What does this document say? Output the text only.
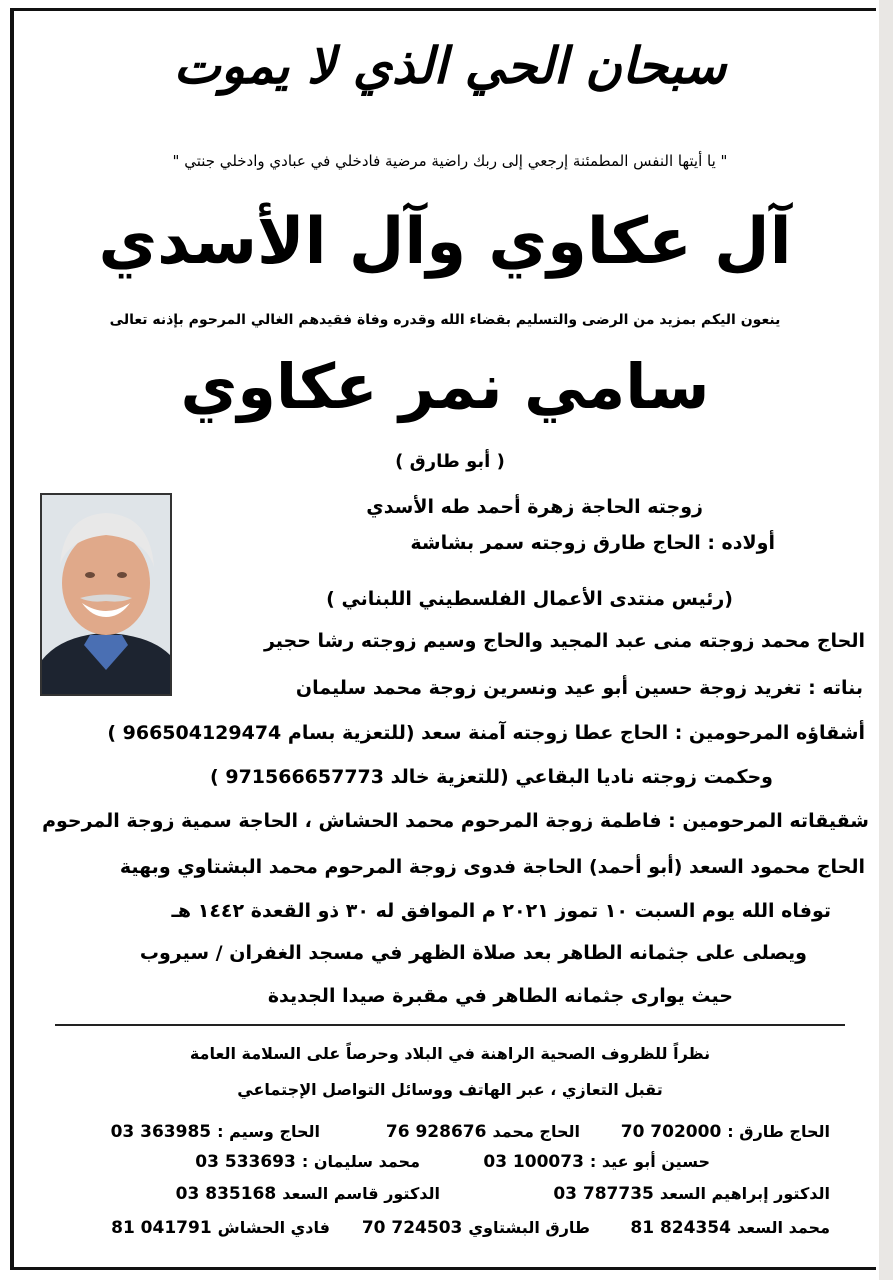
سبحان الحي الذي لا يموت
" يا أيتها النفس المطمئنة إرجعي إلى ربك راضية مرضية فادخلي في عبادي وادخلي جنتي "
آل عكاوي وآل الأسدي
ينعون اليكم بمزيد من الرضى والتسليم بقضاء الله وقدره وفاة فقيدهم الغالي المرحوم بإذنه تعالى
سامي نمر عكاوي
( أبو طارق )
زوجته الحاجة زهرة أحمد طه الأسدي
أولاده : الحاج طارق زوجته سمر بشاشة
(رئيس منتدى الأعمال الفلسطيني اللبناني )
الحاج محمد زوجته منى عبد المجيد والحاج وسيم زوجته رشا حجير
بناته : تغريد زوجة حسين أبو عيد ونسرين زوجة محمد سليمان
أشقاؤه المرحومين : الحاج عطا زوجته آمنة سعد (للتعزية بسام 966504129474 )
وحكمت زوجته ناديا البقاعي (للتعزية خالد 971566657773 )
شقيقاته المرحومين : فاطمة زوجة المرحوم محمد الحشاش ، الحاجة سمية زوجة المرحوم
الحاج محمود السعد (أبو أحمد) الحاجة فدوى زوجة المرحوم محمد البشتاوي وبهية
توفاه الله يوم السبت ١٠ تموز ٢٠٢١ م الموافق له ٣٠ ذو القعدة ١٤٤٢ هـ
ويصلى على جثمانه الطاهر بعد صلاة الظهر في مسجد الغفران / سيروب
حيث يوارى جثمانه الطاهر في مقبرة صيدا الجديدة
نظراً للظروف الصحية الراهنة في البلاد وحرصاً على السلامة العامة
تقبل التعازي ، عبر الهاتف ووسائل التواصل الإجتماعي
الحاج طارق :70 702000
الحاج محمد76 928676
الحاج وسيم :03 363985
حسين أبو عيد :03 100073
محمد سليمان :03 533693
الدكتور إبراهيم السعد03 787735
الدكتور قاسم السعد03 835168
محمد السعد81 824354
طارق البشتاوي70 724503
فادي الحشاش81 041791
